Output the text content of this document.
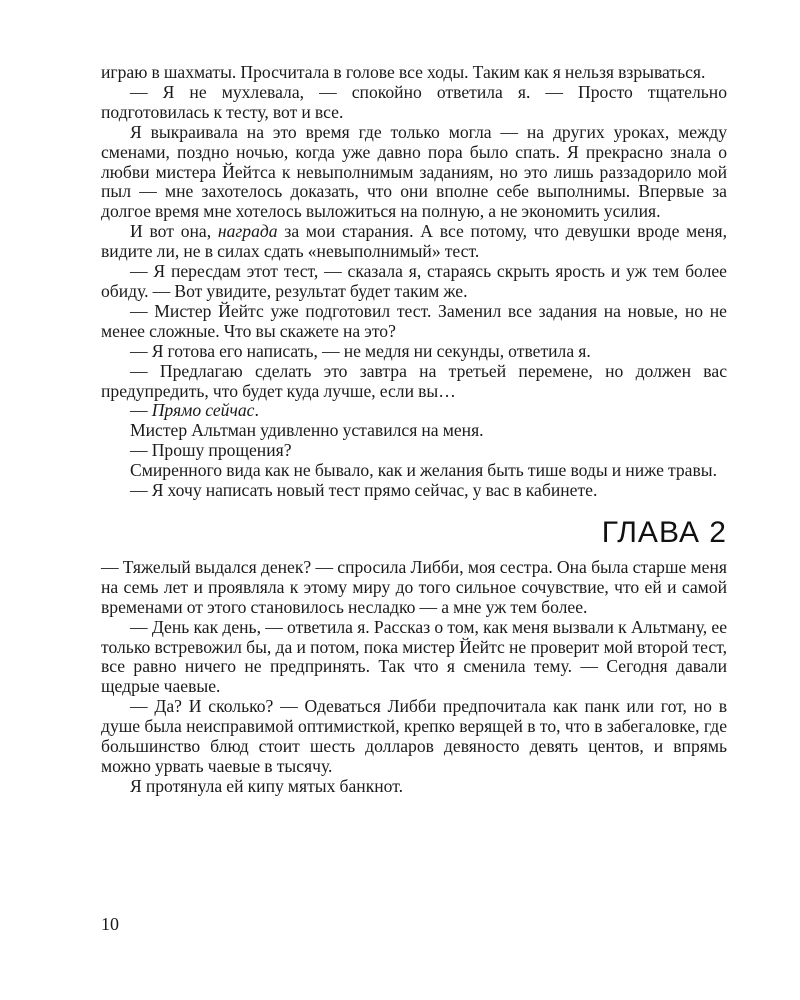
играю в шахматы. Просчитала в голове все ходы. Таким как я нельзя взрываться.

— Я не мухлевала, — спокойно ответила я. — Просто тщательно подготовилась к тесту, вот и все.

Я выкраивала на это время где только могла — на других уроках, между сменами, поздно ночью, когда уже давно пора было спать. Я прекрасно знала о любви мистера Йейтса к невыполнимым заданиям, но это лишь раззадорило мой пыл — мне захотелось доказать, что они вполне себе выполнимы. Впервые за долгое время мне хотелось выложиться на полную, а не экономить усилия.

И вот она, награда за мои старания. А все потому, что девушки вроде меня, видите ли, не в силах сдать «невыполнимый» тест.

— Я пересдам этот тест, — сказала я, стараясь скрыть ярость и уж тем более обиду. — Вот увидите, результат будет таким же.

— Мистер Йейтс уже подготовил тест. Заменил все задания на новые, но не менее сложные. Что вы скажете на это?

— Я готова его написать, — не медля ни секунды, ответила я.

— Предлагаю сделать это завтра на третьей перемене, но должен вас предупредить, что будет куда лучше, если вы…

— Прямо сейчас.

Мистер Альтман удивленно уставился на меня.

— Прошу прощения?

Смиренного вида как не бывало, как и желания быть тише воды и ниже травы.

— Я хочу написать новый тест прямо сейчас, у вас в кабинете.

ГЛАВА 2

— Тяжелый выдался денек? — спросила Либби, моя сестра. Она была старше меня на семь лет и проявляла к этому миру до того сильное сочувствие, что ей и самой временами от этого становилось несладко — а мне уж тем более.

— День как день, — ответила я. Рассказ о том, как меня вызвали к Альтману, ее только встревожил бы, да и потом, пока мистер Йейтс не проверит мой второй тест, все равно ничего не предпринять. Так что я сменила тему. — Сегодня давали щедрые чаевые.

— Да? И сколько? — Одеваться Либби предпочитала как панк или гот, но в душе была неисправимой оптимисткой, крепко верящей в то, что в забегаловке, где большинство блюд стоит шесть долларов девяносто девять центов, и впрямь можно урвать чаевые в тысячу.

Я протянула ей кипу мятых банкнот.

10
